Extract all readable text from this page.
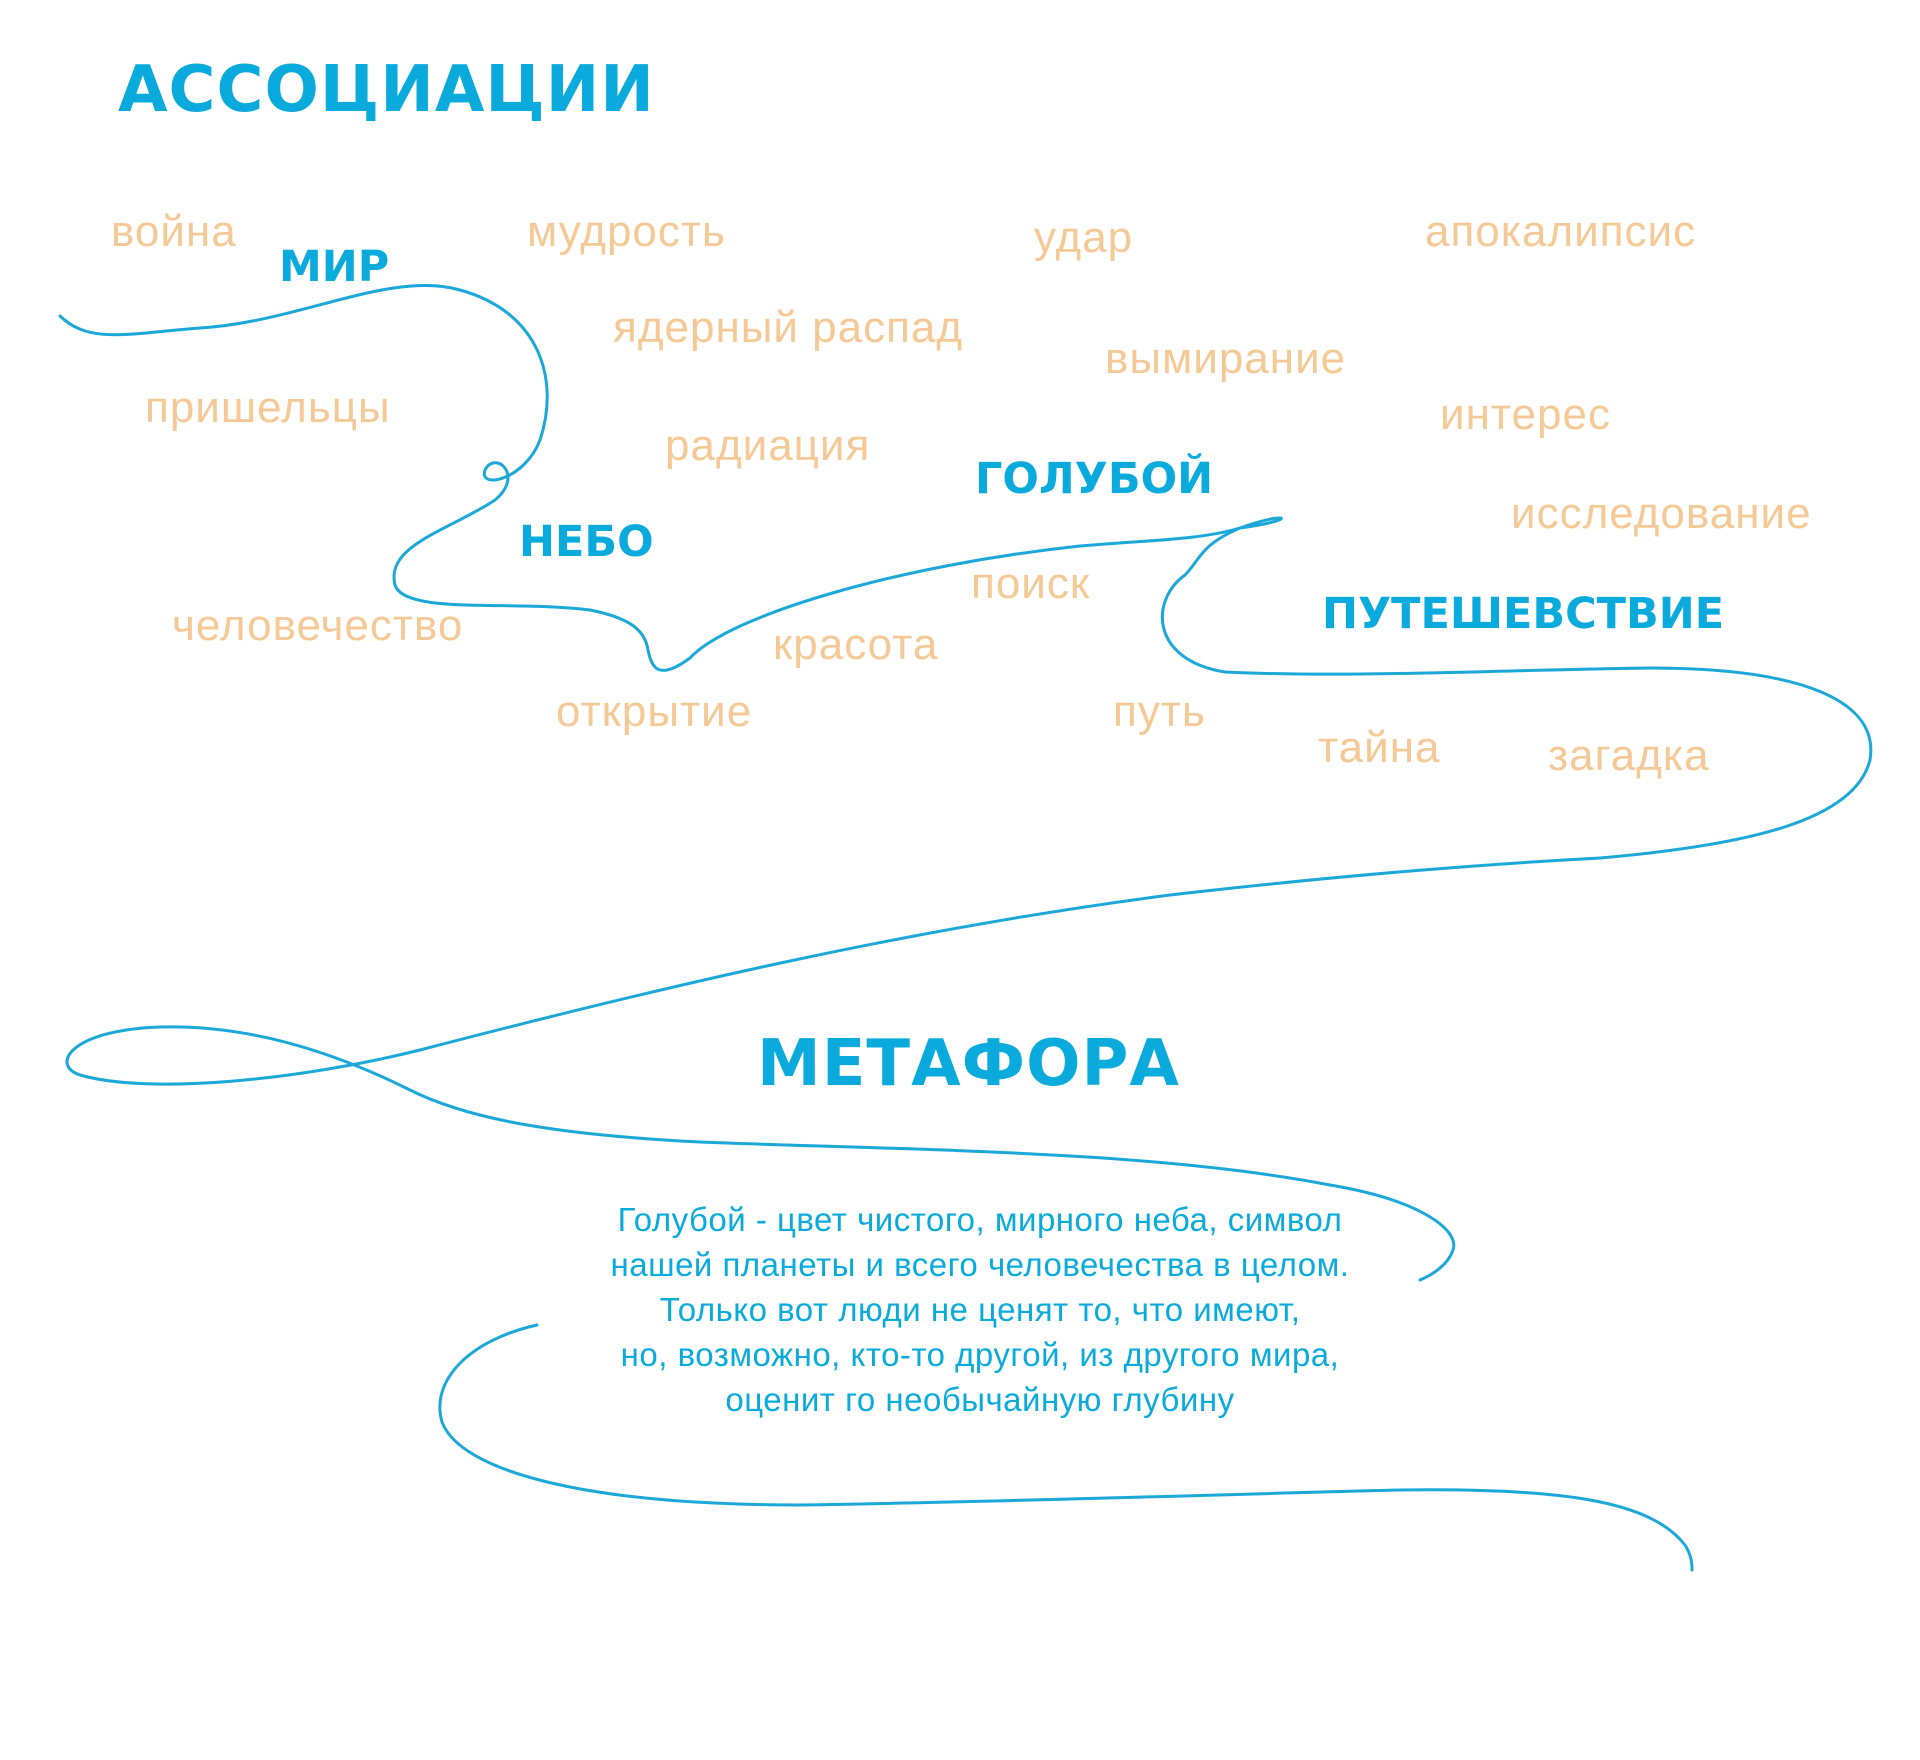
АССОЦИАЦИИ
МИР
НЕБО
ГОЛУБОЙ
ПУТЕШЕВСТВИЕ
война	мудрость	удар	апокалипсис
ядерный распад
вымирание
пришельцы	интерес
радиация
исследование
поиск
человечество	красота
открытие	путь
тайна загадка
МЕТАФОРА

Голубой - цвет чистого, мирного неба, символ
нашей планеты и всего человечества в целом.
Только вот люди не ценят то, что имеют,
но, возможно, кто-то другой, из другого мира,
оценит го необычайную глубину
